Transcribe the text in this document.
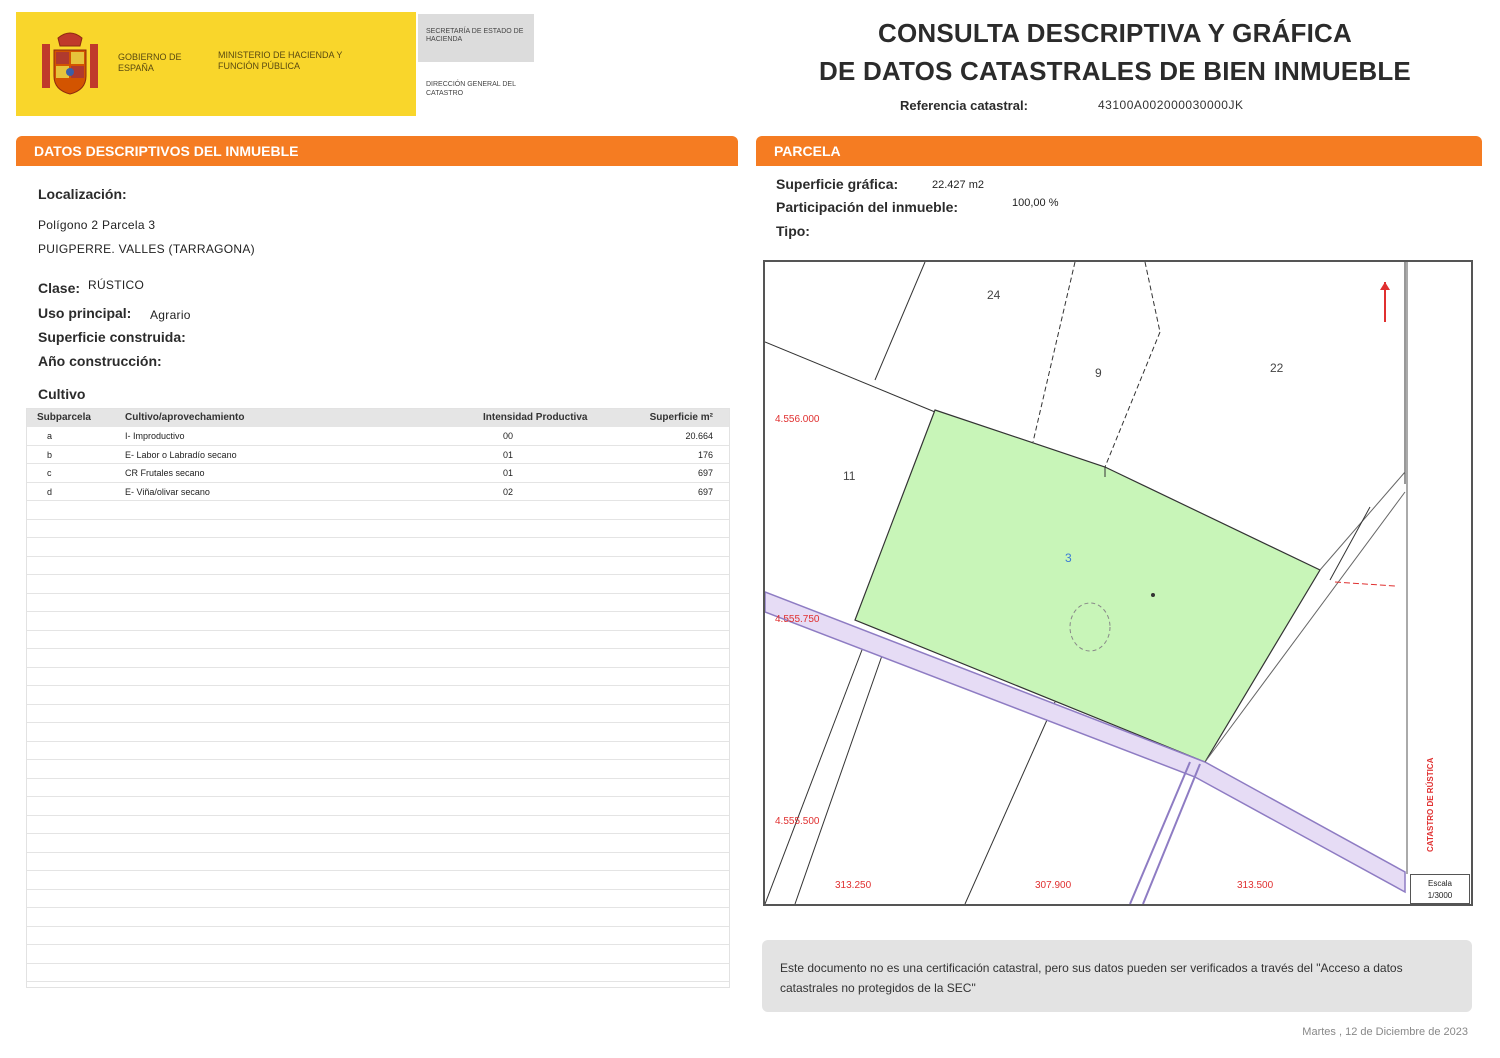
GOBIERNO DE ESPAÑA
MINISTERIO DE HACIENDA Y FUNCIÓN PÚBLICA
SECRETARÍA DE ESTADO DE HACIENDA
DIRECCIÓN GENERAL DEL CATASTRO
CONSULTA DESCRIPTIVA Y GRÁFICA
DE DATOS CATASTRALES DE BIEN INMUEBLE
Referencia catastral:	43100A002000030000JK
DATOS DESCRIPTIVOS DEL INMUEBLE
Localización:
Polígono 2 Parcela 3
PUIGPERRE. VALLES (TARRAGONA)
Clase: RÚSTICO
Uso principal: Agrario
Superficie construida:
Año construcción:
Cultivo
Subparcela	Cultivo/aprovechamiento	Intensidad Productiva	Superficie m²
a	I- Improductivo	00	20.664
b	E- Labor o Labradío secano	01	176
c	CR Frutales secano	01	697
d	E- Viña/olivar secano	02	697
PARCELA
Superficie gráfica:	22.427 m2
Participación del inmueble:	100,00 %
Tipo:
24
9	22
11
3
4.556.000
4.555.750
4.555.500
313.250	307.900	313.500
CATASTRO DE RÚSTICA
Escala
1/3000
Este documento no es una certificación catastral, pero sus datos pueden ser verificados a través del "Acceso a datos catastrales no protegidos de la SEC"
Martes , 12 de Diciembre de 2023
